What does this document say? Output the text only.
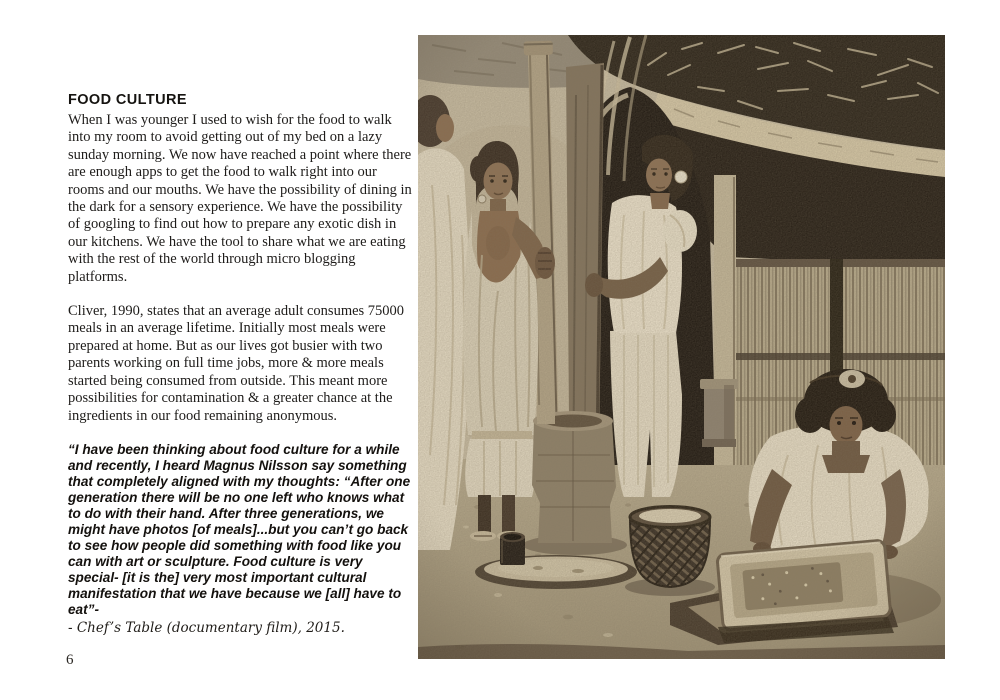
FOOD CULTURE

When I was younger I used to wish for the food to walk into my room to avoid getting out of my bed on a lazy sunday morning. We now have reached a point where there are enough apps to get the food to walk right into our rooms and our mouths. We have the possibility of dining in the dark for a sensory experience. We have the possibility of googling to find out how to prepare any exotic dish in our kitchens. We have the tool to share what we are eating with the rest of the world through micro blogging platforms.

Cliver, 1990, states that an average adult consumes 75000 meals in an average lifetime. Initially most meals were prepared at home. But as our lives got busier with two parents working on full time jobs, more & more meals started being consumed from outside. This meant more possibilities for contamination & a greater chance at the ingredients in our food remaining anonymous.

“I have been thinking about food culture for a while and recently, I heard Magnus Nilsson say something that completely aligned with my thoughts: “After one generation there will be no one left who knows what to do with their hand. After three generations, we might have photos [of meals]...but you can’t go back to see how people did something with food like you can with art or sculpture. Food culture is very special- [it is the] very most important cultural manifestation that we have because we [all] have to eat”-

- Chef’s Table (documentary film), 2015.

6
